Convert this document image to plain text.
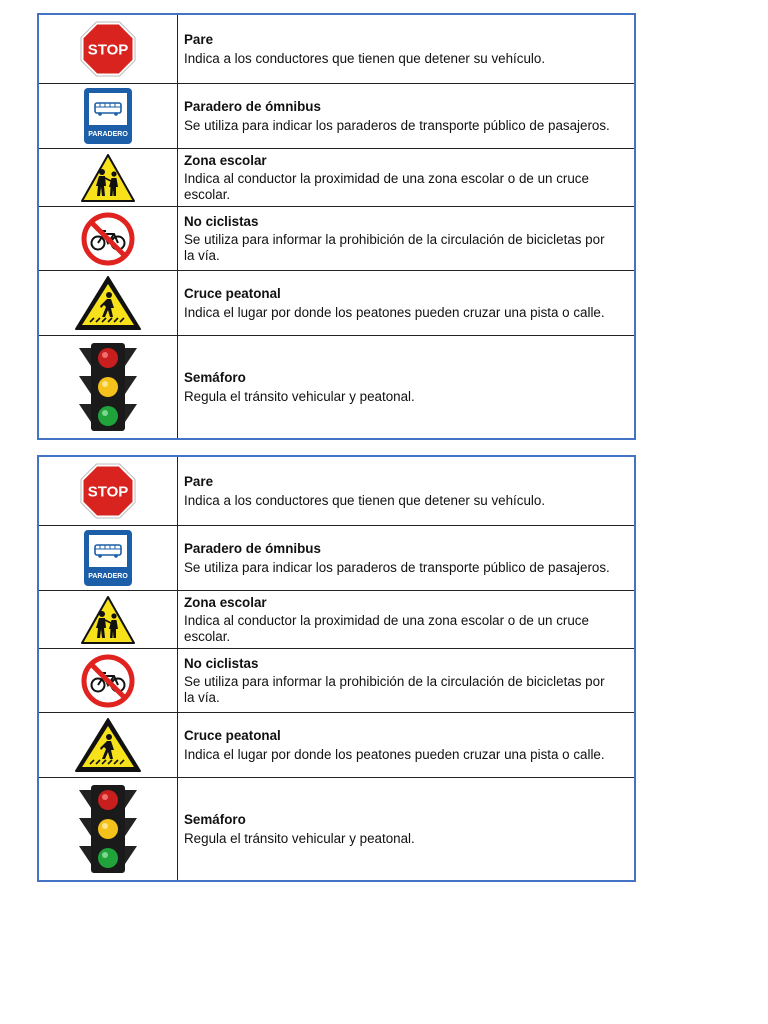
STOP
Pare
Indica a los conductores que tienen que detener su vehículo.
PARADERO
Paradero de ómnibus
Se utiliza para indicar los paraderos de transporte público de pasajeros.
Zona escolar
Indica al conductor la proximidad de una zona escolar o de un cruce escolar.
No ciclistas
Se utiliza para informar la prohibición de la circulación de bicicletas por la vía.
Cruce peatonal
Indica el lugar por donde los peatones pueden cruzar una pista o calle.
Semáforo
Regula el tránsito vehicular y peatonal.
STOP
Pare
Indica a los conductores que tienen que detener su vehículo.
PARADERO
Paradero de ómnibus
Se utiliza para indicar los paraderos de transporte público de pasajeros.
Zona escolar
Indica al conductor la proximidad de una zona escolar o de un cruce escolar.
No ciclistas
Se utiliza para informar la prohibición de la circulación de bicicletas por la vía.
Cruce peatonal
Indica el lugar por donde los peatones pueden cruzar una pista o calle.
Semáforo
Regula el tránsito vehicular y peatonal.
